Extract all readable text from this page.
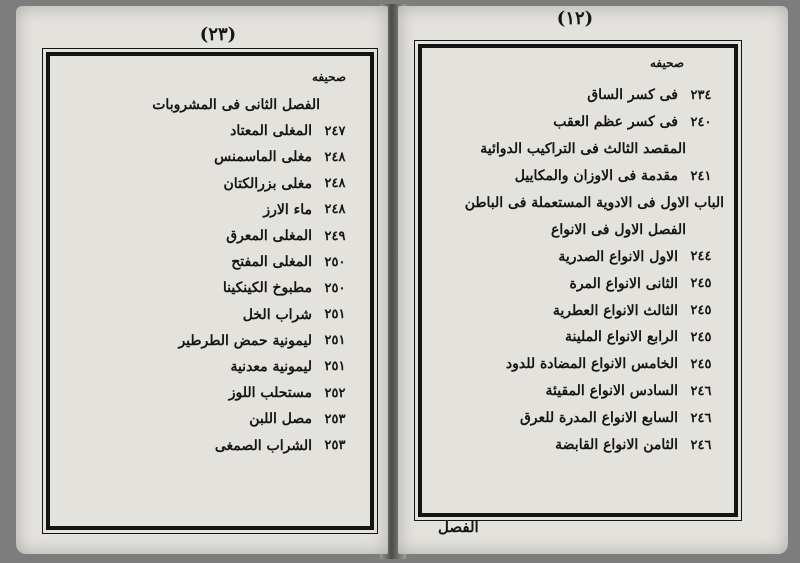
(٢٣)
(١٢)
صحيفه
صحيفه
الفصل الثانى فى المشروبات
٢٤٧
المغلى المعتاد
٢٤٨
مغلى الماسمنس
٢٤٨
مغلى بزرالكتان
٢٤٨
ماء الارز
٢٤٩
المغلى المعرق
٢٥٠
المغلى المفتح
٢٥٠
مطبوخ الكينكينا
٢٥١
شراب الخل
٢٥١
ليمونية حمض الطرطير
٢٥١
ليمونية معدنية
٢٥٢
مستحلب اللوز
٢٥٣
مصل اللبن
٢٥٣
الشراب الصمغى
٢٣٤
فى كسر الساق
٢٤٠
فى كسر عظم العقب
المقصد الثالث فى التراكيب الدوائية
٢٤١
مقدمة فى الاوزان والمكاييل
الباب الاول فى الادوية المستعملة فى الباطن
الفصل الاول فى الانواع
٢٤٤
الاول الانواع الصدرية
٢٤٥
الثانى الانواع المرة
٢٤٥
الثالث الانواع العطرية
٢٤٥
الرابع الانواع الملينة
٢٤٥
الخامس الانواع المضادة للدود
٢٤٦
السادس الانواع المقيئة
٢٤٦
السابع الانواع المدرة للعرق
٢٤٦
الثامن الانواع القابضة
الفصل
